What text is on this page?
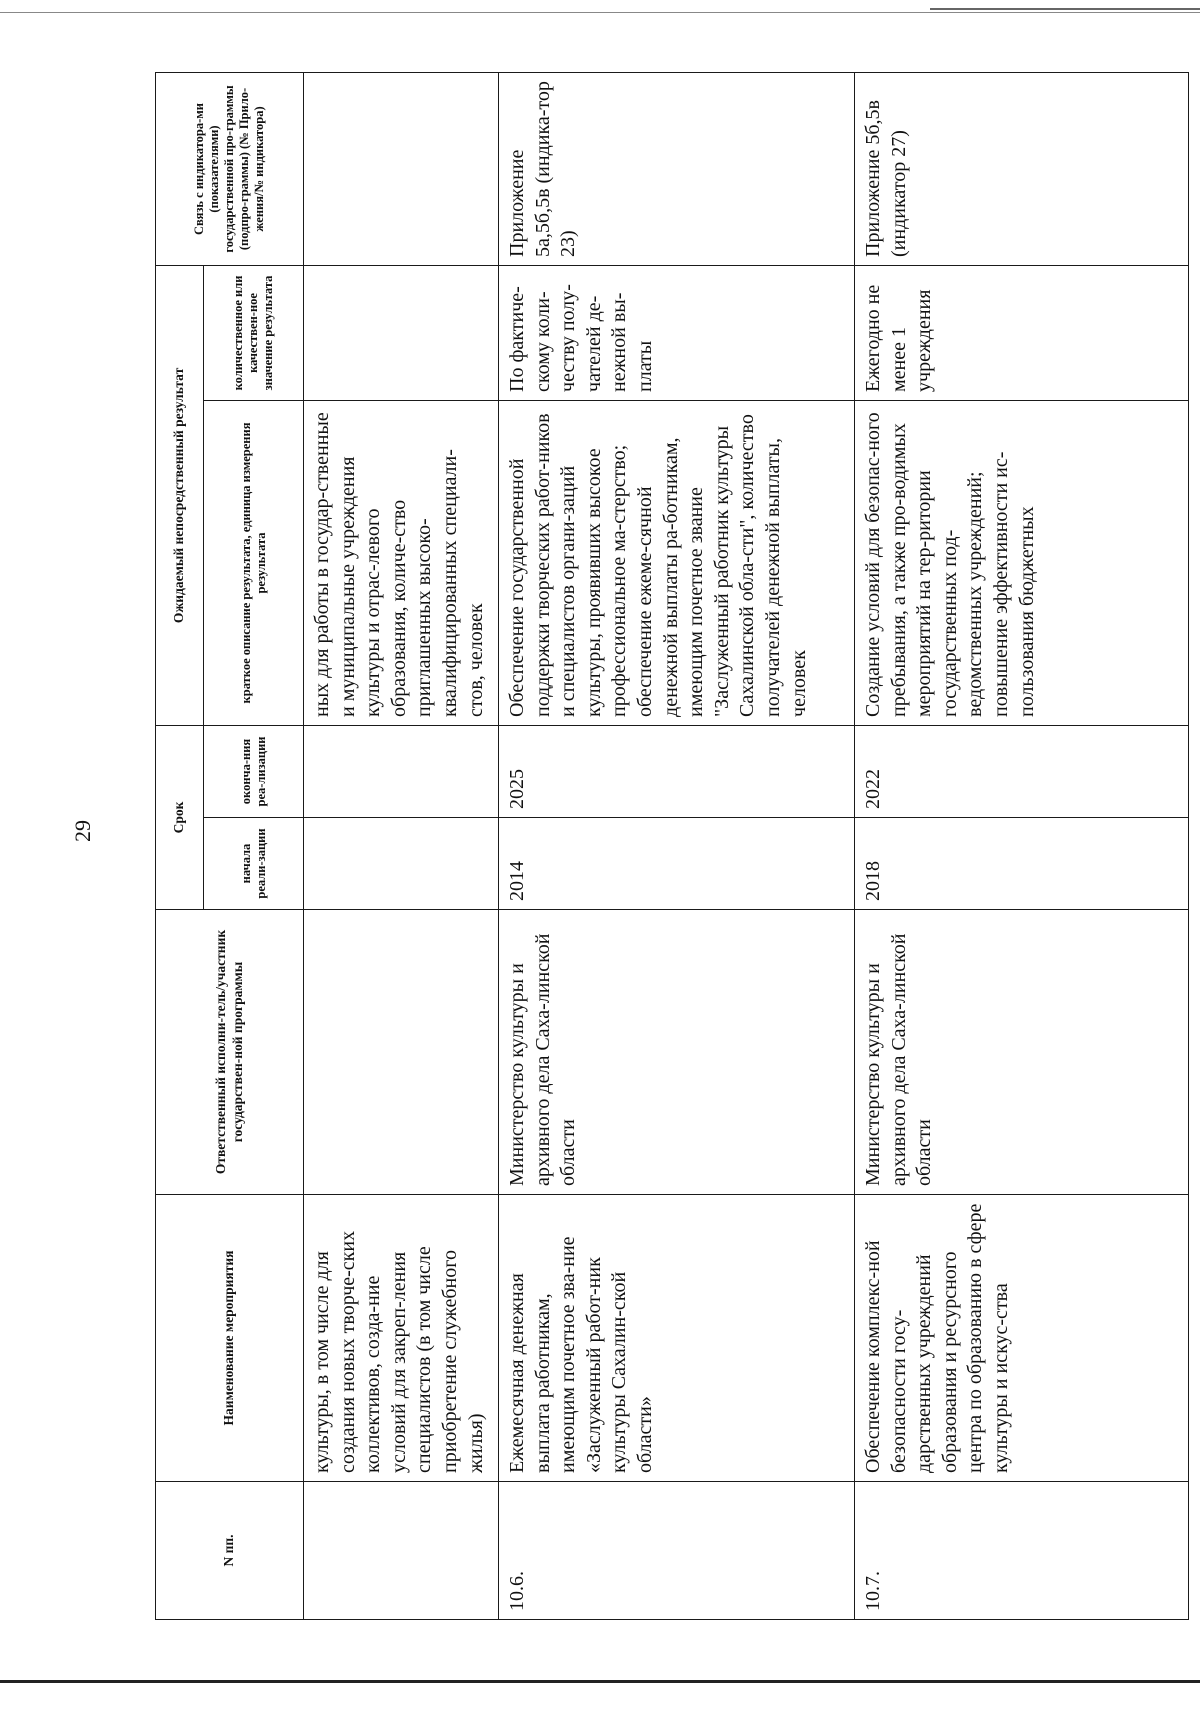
29
N пп.	Наименование мероприятия	Ответственный исполни-тель/участник государствен-ной программы	Срок		Ожидаемый непосредственный результат		Связь с индикатора-ми (показателями) государственной про-граммы (подпро-граммы) (№ Прило-жения/№ индикатора)
			начала реали-зации	оконча-ния реа-лизации	краткое описание результата, единица измерения результата	количественное или качествен-ное значение результата	
	культуры, в том числе для создания новых творче-ских коллективов, созда-ние условий для закреп-ления специалистов (в том числе приобретение служебного жилья)				ных для работы в государ-ственные и муниципальные учреждения культуры и отрас-левого образования, количе-ство приглашенных высоко-квалифицированных специали-стов, человек		
10.6.	Ежемесячная денежная выплата работникам, имеющим почетное зва-ние «Заслуженный работ-ник культуры Сахалин-ской области»	Министерство культуры и архивного дела Саха-линской области	2014	2025	Обеспечение государственной поддержки творческих работ-ников и специалистов органи-заций культуры, проявивших высокое профессиональное ма-стерство; обеспечение ежеме-сячной денежной выплаты ра-ботникам, имеющим почетное звание "Заслуженный работник культуры Сахалинской обла-сти", количество получателей денежной выплаты, человек	По фактиче-скому коли-честву полу-чателей де-нежной вы-платы	Приложение 5а,5б,5в (индика-тор 23)
10.7.	Обеспечение комплекс-ной безопасности госу-дарственных учреждений образования и ресурсного центра по образованию в сфере культуры и искус-ства	Министерство культуры и архивного дела Саха-линской области	2018	2022	Создание условий для безопас-ного пребывания, а также про-водимых мероприятий на тер-ритории государственных под-ведомственных учреждений; повышение эффективности ис-пользования бюджетных	Ежегодно не менее 1 учреждения	Приложение 5б,5в (индикатор 27)
